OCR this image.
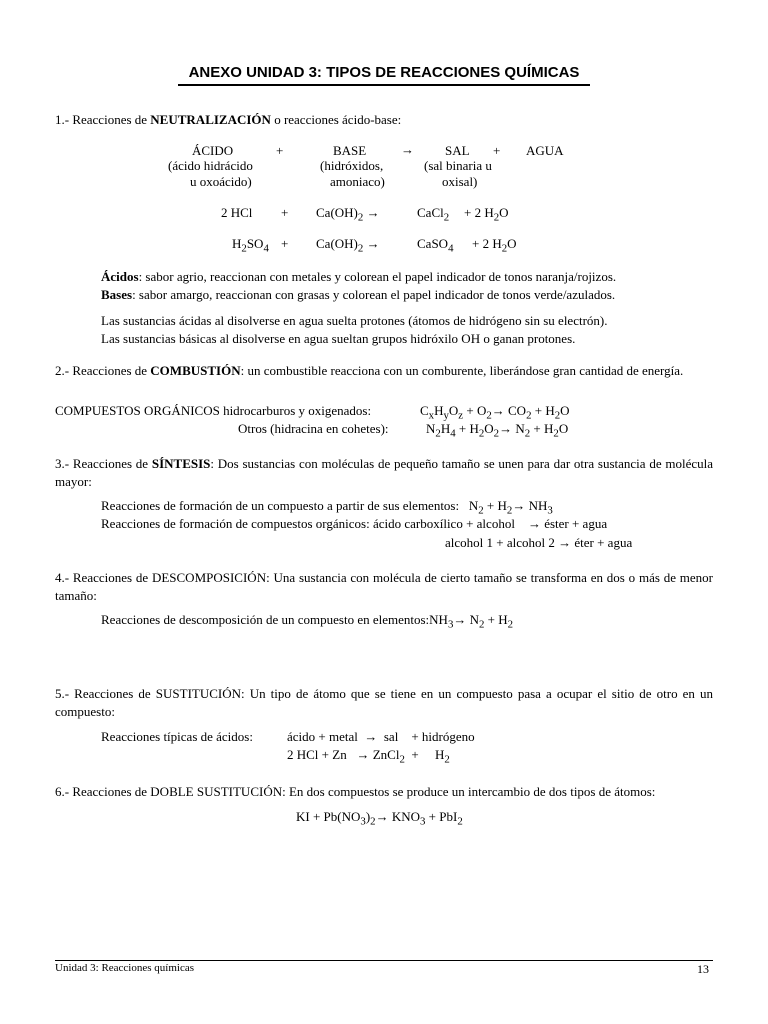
ANEXO UNIDAD 3: TIPOS DE REACCIONES QUÍMICAS
1.- Reacciones de NEUTRALIZACIÓN o reacciones ácido-base:
ÁCIDO	+	BASE	→ SAL + AGUA
(ácido hidrácido
u oxoácido)
(hidróxidos,
amoniaco)
(sal binaria u
oxisal)
2 HCl + $Ca(OH)_2$ →	CaCl$_2$ + 2 $H_2O$
$H_2SO_4 + Ca(OH)_2$ →	CaSO$_4$ + 2 $H_2O$
Ácidos: sabor agrio, reaccionan con metales y colorean el papel indicador de tonos naranja/rojizos.
Bases: sabor amargo, reaccionan con grasas y colorean el papel indicador de tonos verde/azulados.
Las sustancias ácidas al disolverse en agua suelta protones (átomos de hidrógeno sin su electrón).
Las sustancias básicas al disolverse en agua sueltan grupos hidróxilo OH o ganan protones.
2.- Reacciones de COMBUSTIÓN: un combustible reacciona con un comburente, liberándose gran cantidad de energía.
COMPUESTOS ORGÁNICOS hidrocarburos y oxigenados:	$C_xH_yO_z + O_2\to CO_2 + H_2O$
Otros (hidracina en cohetes):	$N_2H_4 + H_2O_2\to N_2 + H_2O$
3.- Reacciones de SÍNTESIS: Dos sustancias con moléculas de pequeño tamaño se unen para dar otra sustancia de molécula mayor:
Reacciones de formación de un compuesto a partir de sus elementos:   $N_2 + H_2\to NH_3$
Reacciones de formación de compuestos orgánicos: ácido carboxílico + alcohol    → éster + agua
alcohol 1 + alcohol 2 → éter + agua
4.- Reacciones de DESCOMPOSICIÓN: Una sustancia con molécula de cierto tamaño se transforma en dos o más de menor tamaño:
Reacciones de descomposición de un compuesto en $elementos:NH_3\to N_2 + H_2$
5.- Reacciones de SUSTITUCIÓN: Un tipo de átomo que se tiene en un compuesto pasa a ocupar el sitio de otro en un compuesto:
Reacciones típicas de ácidos:	ácido + metal  →  sal + hidrógeno
2 HCl + Zn   → ZnCl$_2$ + $H_2$
6.- Reacciones de DOBLE SUSTITUCIÓN: En dos compuestos se produce un intercambio de dos tipos de átomos:
KI + $Pb(NO_3)_2\to KNO_3 + PbI_2$
Unidad 3: Reacciones químicas	13
